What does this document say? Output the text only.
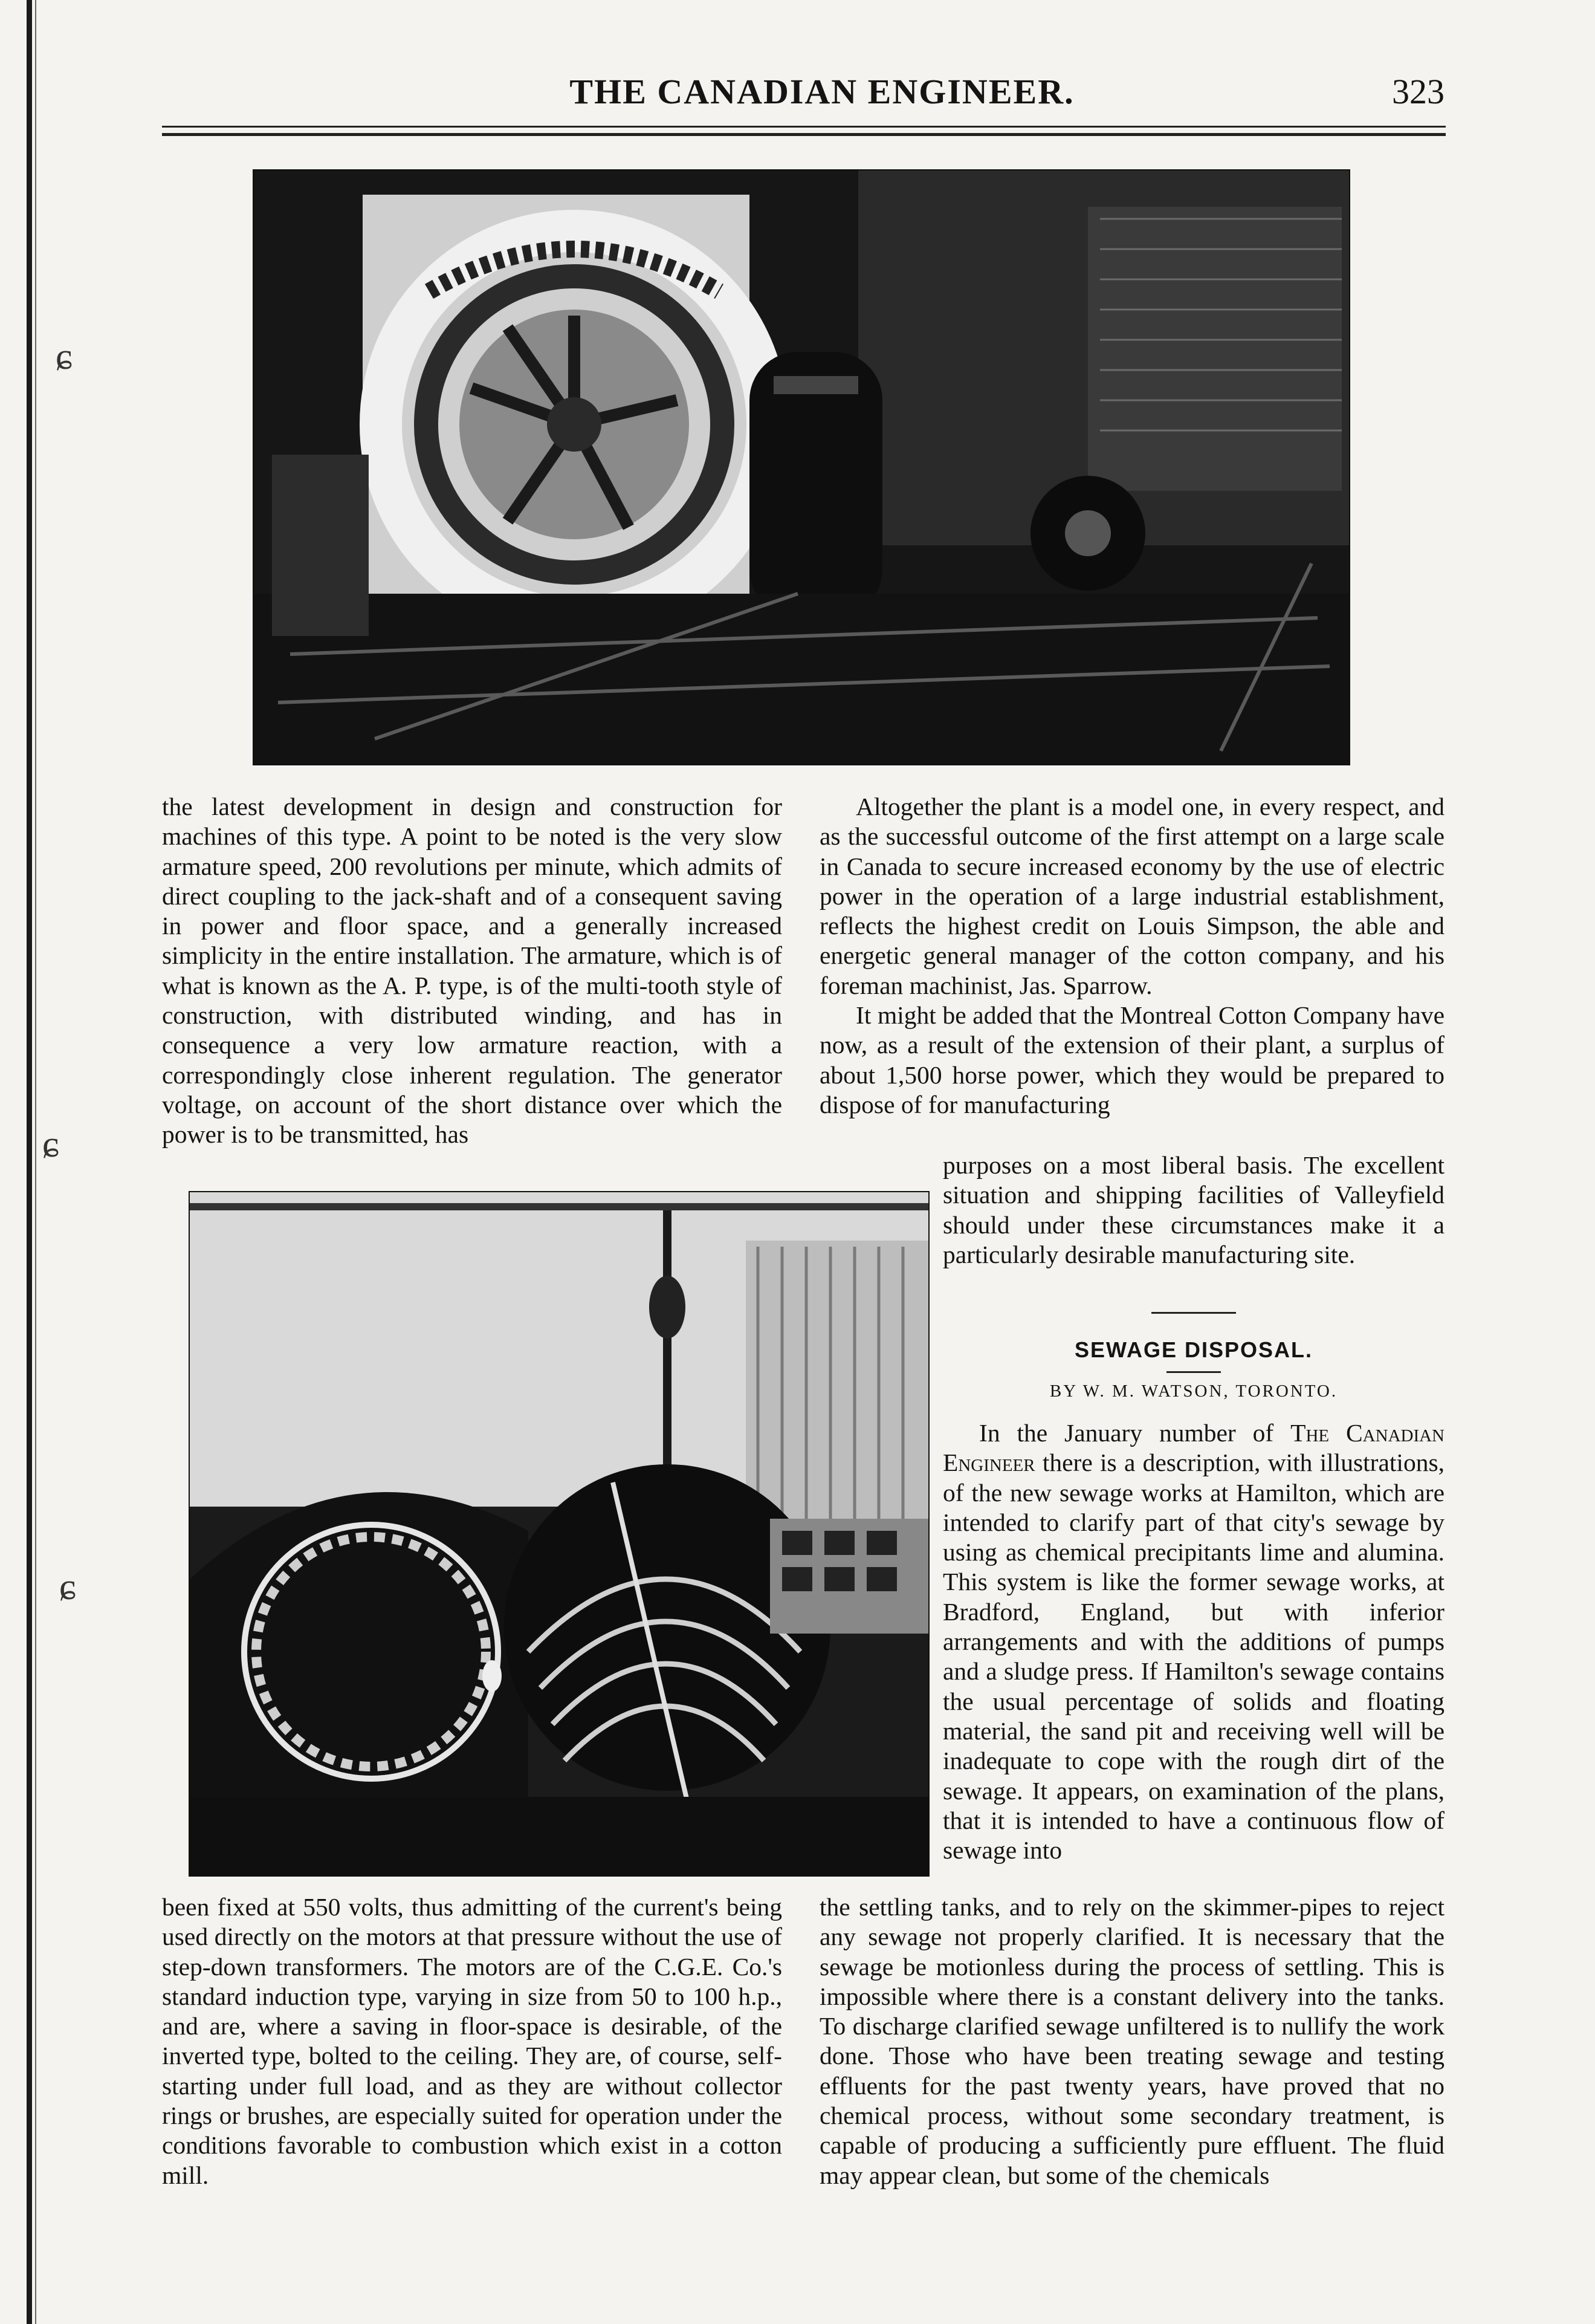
ɕ
ɕ
ɕ
THE CANADIAN ENGINEER.	323

the latest development in design and construction for machines of this type. A point to be noted is the very slow armature speed, 200 revolutions per minute, which admits of direct coupling to the jack-shaft and of a consequent saving in power and floor space, and a generally increased simplicity in the entire installation. The armature, which is of what is known as the A. P. type, is of the multi-tooth style of construction, with distributed winding, and has in consequence a very low armature reaction, with a correspondingly close inherent regulation. The generator voltage, on account of the short distance over which the power is to be transmitted, has

been fixed at 550 volts, thus admitting of the current's being used directly on the motors at that pressure without the use of step-down transformers. The motors are of the C.G.E. Co.'s standard induction type, varying in size from 50 to 100 h.p., and are, where a saving in floor-space is desirable, of the inverted type, bolted to the ceiling. They are, of course, self-starting under full load, and as they are without collector rings or brushes, are especially suited for operation under the conditions favorable to combustion which exist in a cotton mill.

Altogether the plant is a model one, in every respect, and as the successful outcome of the first attempt on a large scale in Canada to secure increased economy by the use of electric power in the operation of a large industrial establishment, reflects the highest credit on Louis Simpson, the able and energetic general manager of the cotton company, and his foreman machinist, Jas. Sparrow.

It might be added that the Montreal Cotton Company have now, as a result of the extension of their plant, a surplus of about 1,500 horse power, which they would be prepared to dispose of for manufacturing

purposes on a most liberal basis. The excellent situation and shipping facilities of Valleyfield should under these circumstances make it a particularly desirable manufacturing site.

SEWAGE DISPOSAL.
BY W. M. WATSON, TORONTO.

In the January number of The Canadian Engineer there is a description, with illustrations, of the new sewage works at Hamilton, which are intended to clarify part of that city's sewage by using as chemical precipitants lime and alumina. This system is like the former sewage works, at Bradford, England, but with inferior arrangements and with the additions of pumps and a sludge press. If Hamilton's sewage contains the usual percentage of solids and floating material, the sand pit and receiving well will be inadequate to cope with the rough dirt of the sewage. It appears, on examination of the plans, that it is intended to have a continuous flow of sewage into

the settling tanks, and to rely on the skimmer-pipes to reject any sewage not properly clarified. It is necessary that the sewage be motionless during the process of settling. This is impossible where there is a constant delivery into the tanks. To discharge clarified sewage unfiltered is to nullify the work done. Those who have been treating sewage and testing effluents for the past twenty years, have proved that no chemical process, without some secondary treatment, is capable of producing a sufficiently pure effluent. The fluid may appear clean, but some of the chemicals
